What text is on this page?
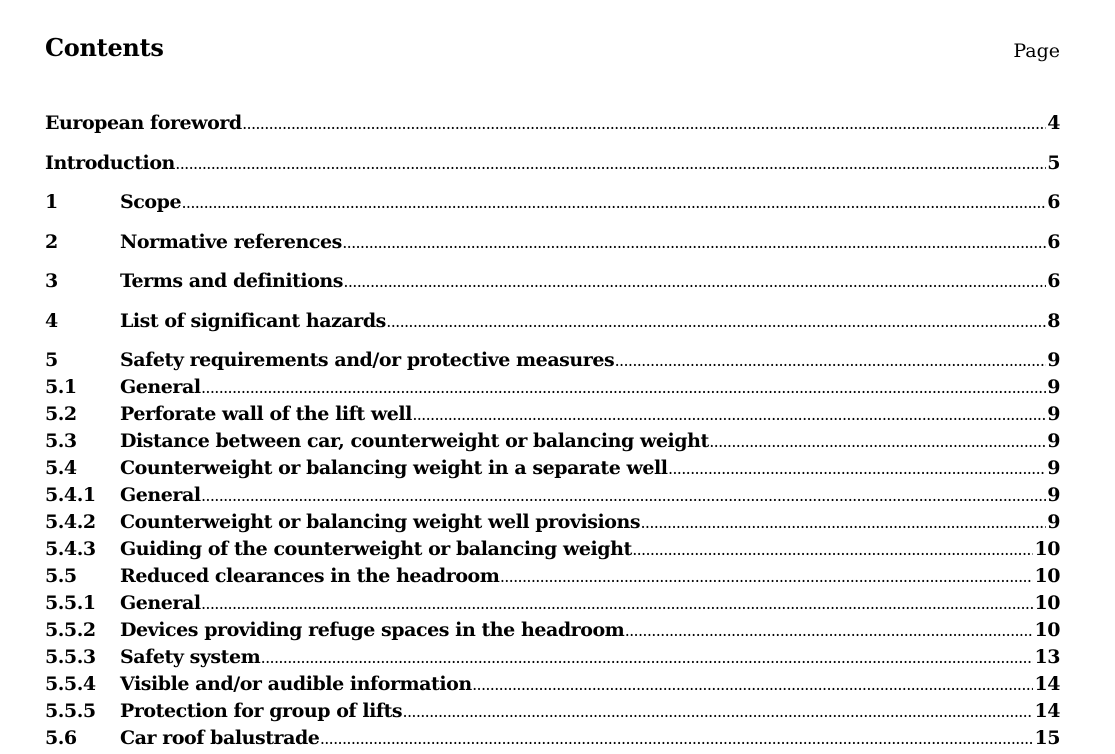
Contents	Page
European foreword .....	4
Introduction .....	5
1	Scope .....	6
2	Normative references .....	6
3	Terms and definitions .....	6
4	List of significant hazards .....	8
5	Safety requirements and/or protective measures .....	9
5.1	General .....	9
5.2	Perforate wall of the lift well .....	9
5.3	Distance between car, counterweight or balancing weight .....	9
5.4	Counterweight or balancing weight in a separate well .....	9
5.4.1	General .....	9
5.4.2	Counterweight or balancing weight well provisions .....	9
5.4.3	Guiding of the counterweight or balancing weight .....	10
5.5	Reduced clearances in the headroom .....	10
5.5.1	General .....	10
5.5.2	Devices providing refuge spaces in the headroom .....	10
5.5.3	Safety system .....	13
5.5.4	Visible and/or audible information .....	14
5.5.5	Protection for group of lifts .....	14
5.6	Car roof balustrade .....	15
